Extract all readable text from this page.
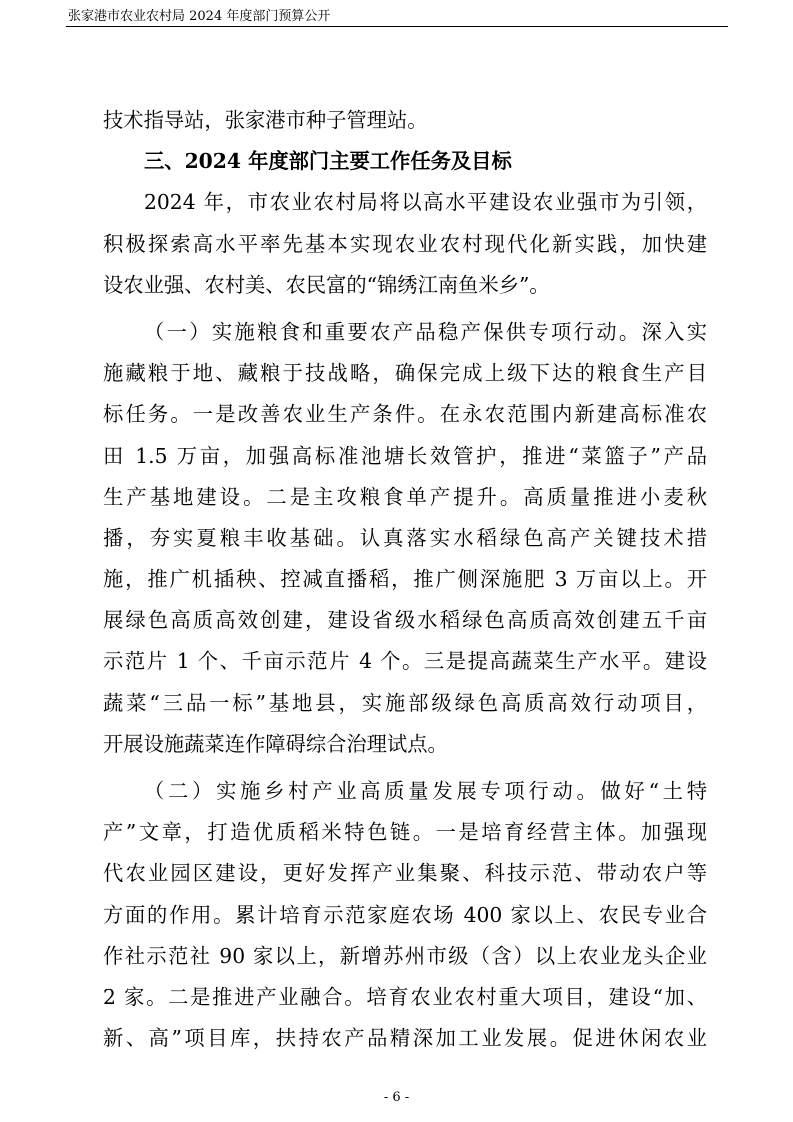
张家港市农业农村局 2024 年度部门预算公开
技术指导站，张家港市种子管理站。
三、2024 年度部门主要工作任务及目标
2024 年，市农业农村局将以高水平建设农业强市为引领，
积极探索高水平率先基本实现农业农村现代化新实践，加快建
设农业强、农村美、农民富的“锦绣江南鱼米乡”。
（一）实施粮食和重要农产品稳产保供专项行动。深入实
施藏粮于地、藏粮于技战略，确保完成上级下达的粮食生产目
标任务。一是改善农业生产条件。在永农范围内新建高标准农
田 1.5 万亩，加强高标准池塘长效管护，推进“菜篮子”产品
生产基地建设。二是主攻粮食单产提升。高质量推进小麦秋
播，夯实夏粮丰收基础。认真落实水稻绿色高产关键技术措
施，推广机插秧、控减直播稻，推广侧深施肥 3 万亩以上。开
展绿色高质高效创建，建设省级水稻绿色高质高效创建五千亩
示范片 1 个、千亩示范片 4 个。三是提高蔬菜生产水平。建设
蔬菜“三品一标”基地县，实施部级绿色高质高效行动项目，
开展设施蔬菜连作障碍综合治理试点。
（二）实施乡村产业高质量发展专项行动。做好“土特
产”文章，打造优质稻米特色链。一是培育经营主体。加强现
代农业园区建设，更好发挥产业集聚、科技示范、带动农户等
方面的作用。累计培育示范家庭农场 400 家以上、农民专业合
作社示范社 90 家以上，新增苏州市级（含）以上农业龙头企业
2 家。二是推进产业融合。培育农业农村重大项目，建设“加、
新、高”项目库，扶持农产品精深加工业发展。促进休闲农业
- 6 -
